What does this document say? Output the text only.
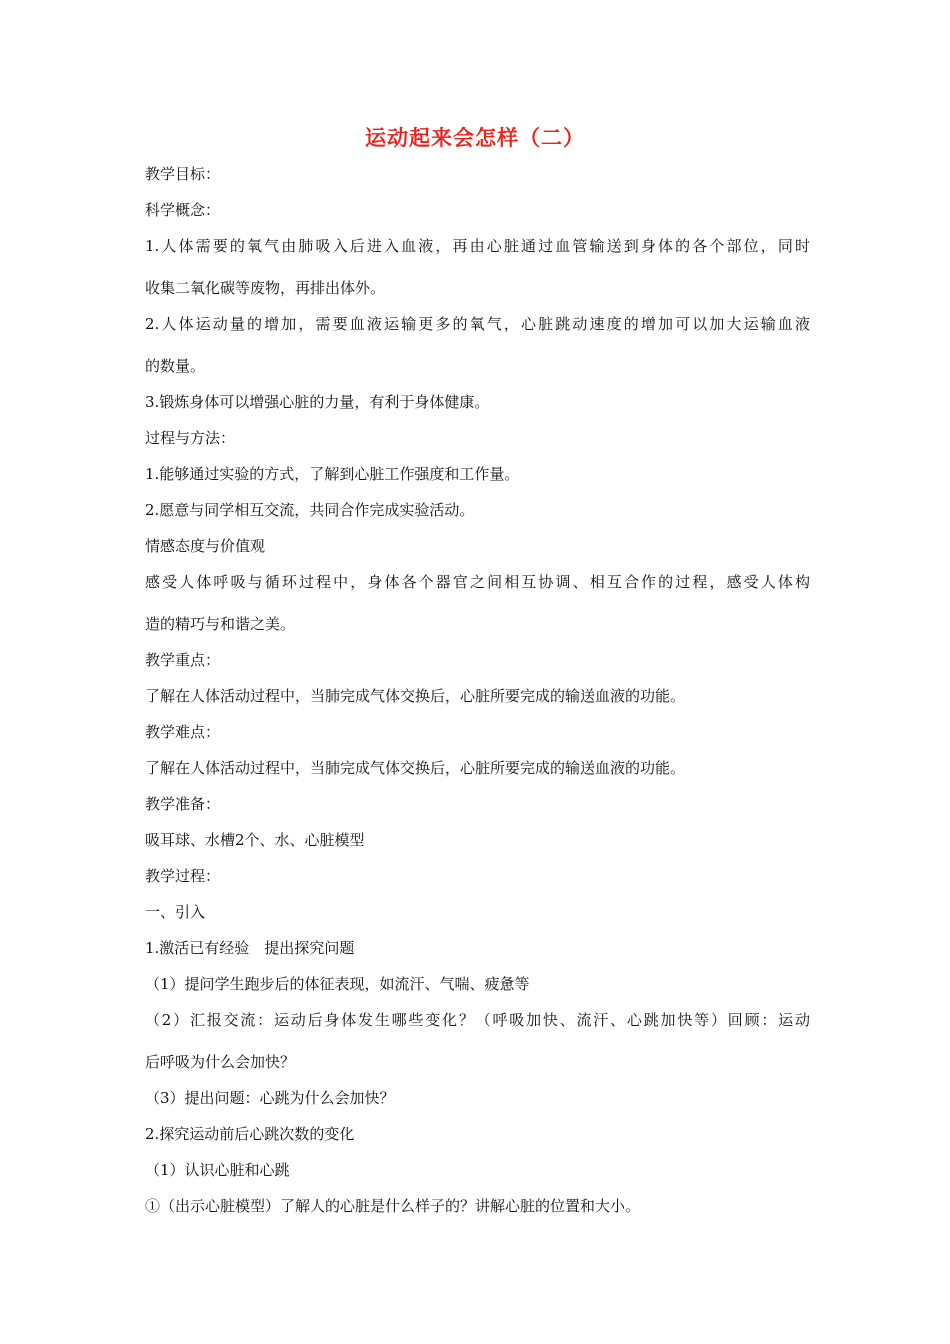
运动起来会怎样（二）
教学目标：
科学概念：
1.人体需要的氧气由肺吸入后进入血液，再由心脏通过血管输送到身体的各个部位，同时
收集二氧化碳等废物，再排出体外。
2.人体运动量的增加，需要血液运输更多的氧气，心脏跳动速度的增加可以加大运输血液
的数量。
3.锻炼身体可以增强心脏的力量，有利于身体健康。
过程与方法：
1.能够通过实验的方式，了解到心脏工作强度和工作量。
2.愿意与同学相互交流，共同合作完成实验活动。
情感态度与价值观
感受人体呼吸与循环过程中，身体各个器官之间相互协调、相互合作的过程，感受人体构
造的精巧与和谐之美。
教学重点：
了解在人体活动过程中，当肺完成气体交换后，心脏所要完成的输送血液的功能。
教学难点：
了解在人体活动过程中，当肺完成气体交换后，心脏所要完成的输送血液的功能。
教学准备：
吸耳球、水槽2个、水、心脏模型
教学过程：
一、引入
1.激活已有经验　提出探究问题
（1）提问学生跑步后的体征表现，如流汗、气喘、疲惫等
（2）汇报交流：运动后身体发生哪些变化？（呼吸加快、流汗、心跳加快等）回顾：运动
后呼吸为什么会加快？
（3）提出问题：心跳为什么会加快？
2.探究运动前后心跳次数的变化
（1）认识心脏和心跳
①（出示心脏模型）了解人的心脏是什么样子的？讲解心脏的位置和大小。
